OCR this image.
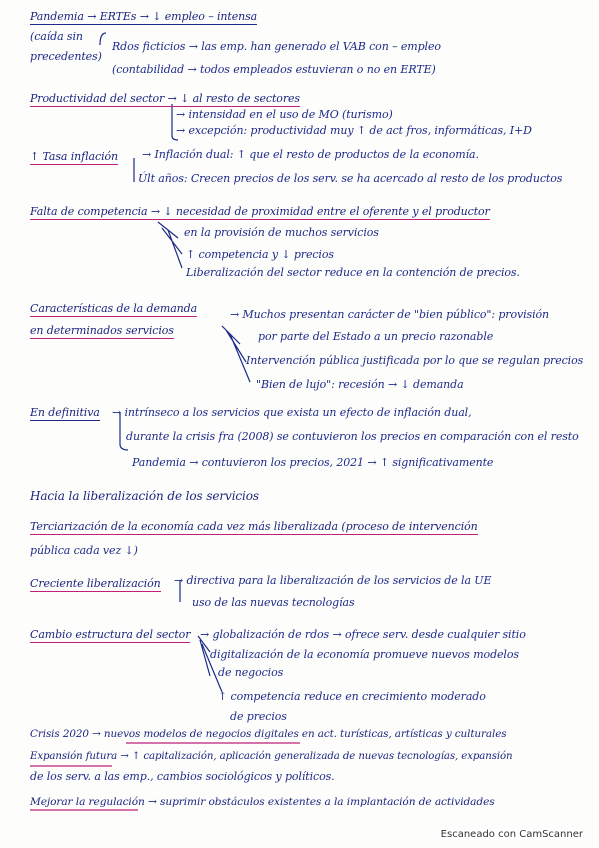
Pandemia → ERTEs → ↓ empleo – intensa
(caída sin
Rdos ficticios → las emp. han generado el VAB con – empleo
precedentes)
(contabilidad → todos empleados estuvieran o no en ERTE)
Productividad del sector → ↓ al resto de sectores
→ intensidad en el uso de MO (turismo)
→ excepción: productividad muy ↑ de act fros, informáticas, I+D
↑ Tasa inflación → Inflación dual: ↑ que el resto de productos de la economía.
Últ años: Crecen precios de los serv. se ha acercado al resto de los productos
Falta de competencia → ↓ necesidad de proximidad entre el oferente y el productor
en la provisión de muchos servicios
↑ competencia y ↓ precios
Liberalización del sector reduce en la contención de precios.
Características de la demanda	→ Muchos presentan carácter de "bien público": provisión
en determinados servicios	por parte del Estado a un precio razonable
Intervención pública justificada por lo que se regulan precios
"Bien de lujo": recesión → ↓ demanda
En definitiva → intrínseco a los servicios que exista un efecto de inflación dual,
durante la crisis fra (2008) se contuvieron los precios en comparación con el resto
Pandemia → contuvieron los precios, 2021 → ↑ significativamente
Hacia la liberalización de los servicios
Terciarización de la economía cada vez más liberalizada (proceso de intervención
pública cada vez ↓)
Creciente liberalización → directiva para la liberalización de los servicios de la UE
uso de las nuevas tecnologías
Cambio estructura del sector → globalización de rdos → ofrece serv. desde cualquier sitio
digitalización de la economía promueve nuevos modelos
de negocios
↑ competencia reduce en crecimiento moderado
de precios
Crisis 2020 → nuevos modelos de negocios digitales en act. turísticas, artísticas y culturales
Expansión futura → ↑ capitalización, aplicación generalizada de nuevas tecnologías, expansión
de los serv. a las emp., cambios sociológicos y políticos.
Mejorar la regulación → suprimir obstáculos existentes a la implantación de actividades
Escaneado con CamScanner
